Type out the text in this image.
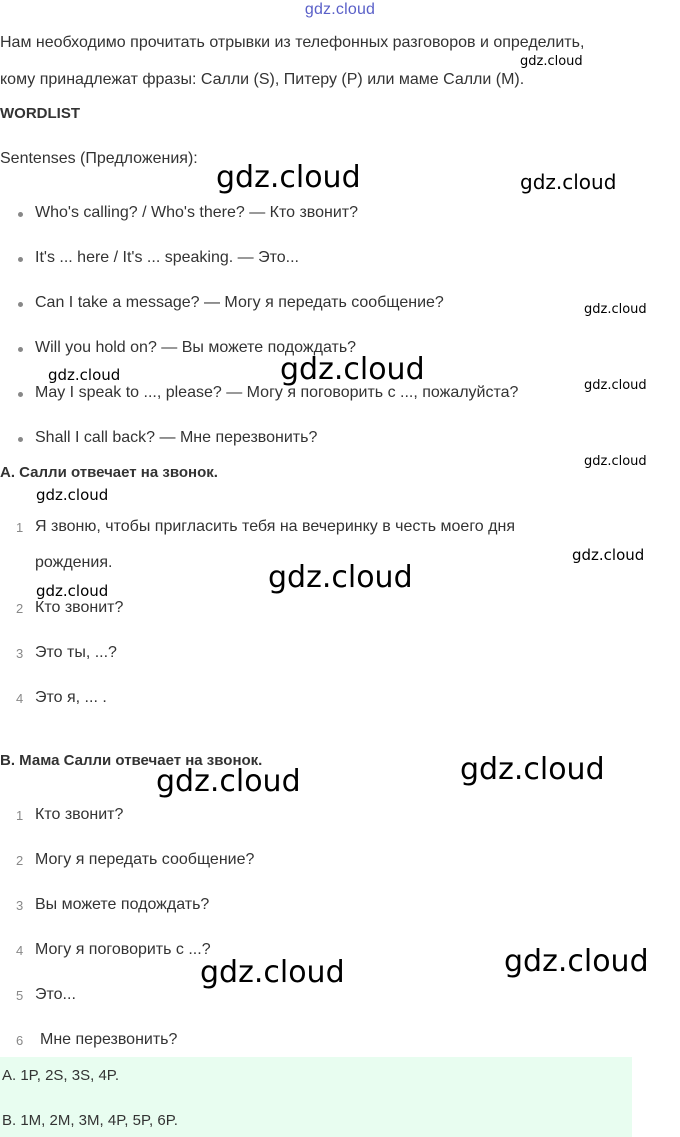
gdz.cloud
Нам необходимо прочитать отрывки из телефонных разговоров и определить,
кому принадлежат фразы: Салли (S), Питеру (P) или маме Салли (M).
WORDLIST
Sentenses (Предложения):
Who's calling? / Who's there? — Кто звонит?
It's ... here / It's ... speaking. — Это...
Can I take a message? — Могу я передать сообщение?
Will you hold on? — Вы можете подождать?
May I speak to ..., please? — Могу я поговорить с ..., пожалуйста?
Shall I call back? — Мне перезвонить?
A. Салли отвечает на звонок.
1 Я звоню, чтобы пригласить тебя на вечеринку в честь моего дня
рождения.
2 Кто звонит?
3 Это ты, ...?
4 Это я, ... .
B. Мама Салли отвечает на звонок.
1 Кто звонит?
2 Могу я передать сообщение?
3 Вы можете подождать?
4 Могу я поговорить с ...?
5 Это...
6 Мне перезвонить?
A. 1P, 2S, 3S, 4P.
B. 1M, 2M, 3M, 4P, 5P, 6P.
gdz.cloud
gdz.cloud	gdz.cloud
gdz.cloud
gdz.cloud
gdz.cloud
gdz.cloud
gdz.cloud
gdz.cloud
gdz.cloud
gdz.cloud
gdz.cloud
gdz.cloud
gdz.cloud
gdz.cloud
gdz.cloud
